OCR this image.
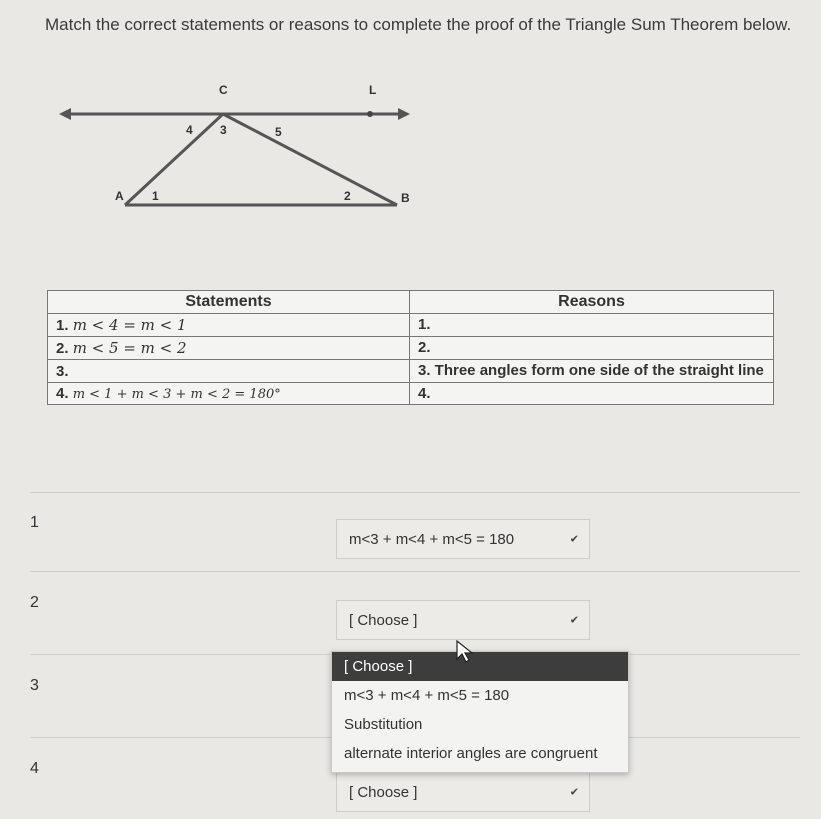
Match the correct statements or reasons to complete the proof of the Triangle Sum Theorem below.
C	L
4 3	5
A 1	2	B
Statements	Reasons
1. m < 4 = m < 1	1.
2. m < 5 = m < 2	2.
3.	3. Three angles form one side of the straight line
4. m < 1 + m < 3 + m < 2 = 180°	4.
1
m<3 + m<4 + m<5 = 180	✔
2
[ Choose ]	✔
3
4
[ Choose ]	✔
[ Choose ]
m<3 + m<4 + m<5 = 180
Substitution
alternate interior angles are congruent
